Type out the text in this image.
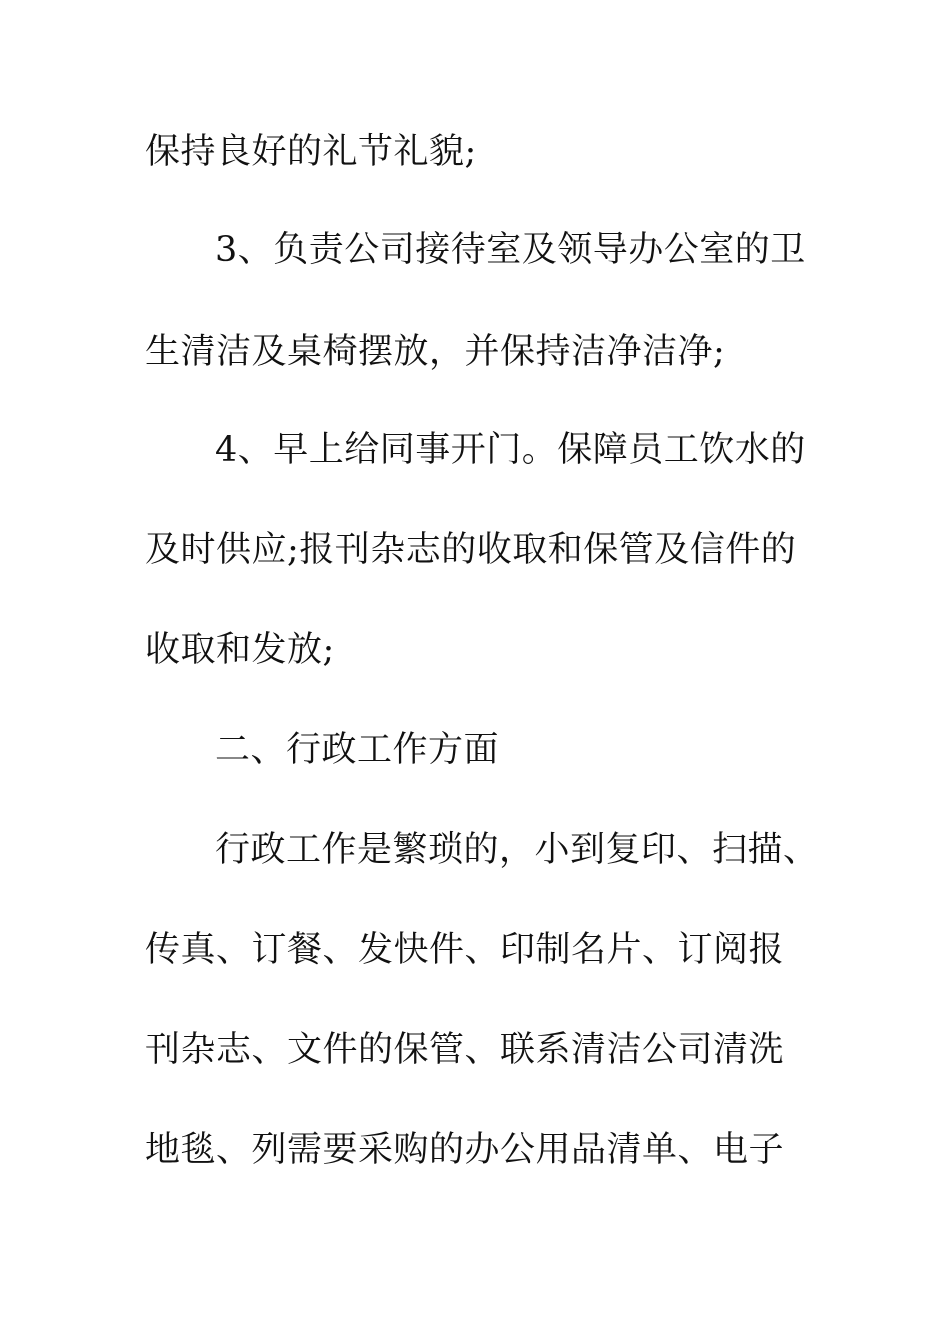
保持良好的礼节礼貌;
3、负责公司接待室及领导办公室的卫
生清洁及桌椅摆放，并保持洁净洁净;
4、早上给同事开门。保障员工饮水的
及时供应;报刊杂志的收取和保管及信件的
收取和发放;
二、行政工作方面
行政工作是繁琐的，小到复印、扫描、
传真、订餐、发快件、印制名片、订阅报
刊杂志、文件的保管、联系清洁公司清洗
地毯、列需要采购的办公用品清单、电子
